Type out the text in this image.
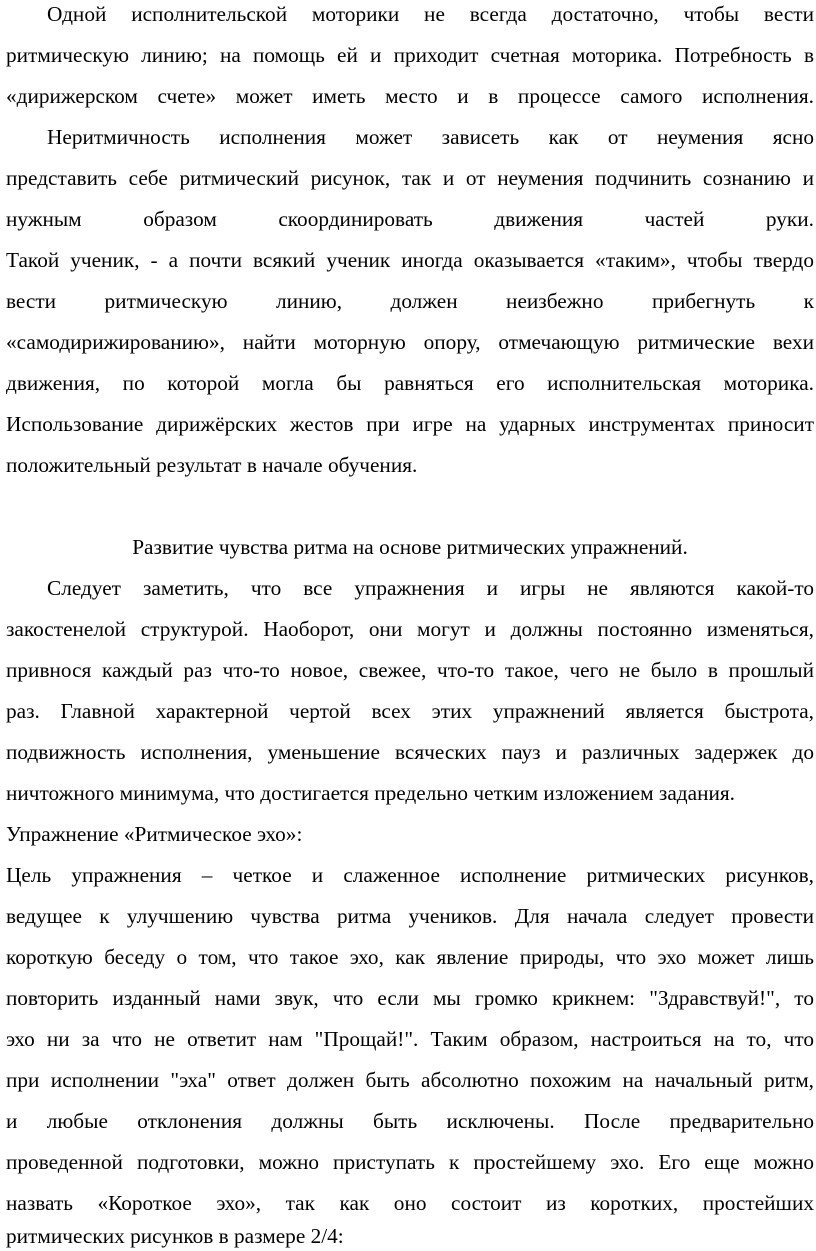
Одной исполнительской моторики не всегда достаточно, чтобы вести
ритмическую линию; на помощь ей и приходит счетная моторика. Потребность в
«дирижерском счете» может иметь место и в процессе самого исполнения.
Неритмичность исполнения может зависеть как от неумения ясно
представить себе ритмический рисунок, так и от неумения подчинить сознанию и
нужным образом скоординировать движения частей руки.
Такой ученик, - а почти всякий ученик иногда оказывается «таким», чтобы твердо
вести ритмическую линию, должен неизбежно прибегнуть к
«самодирижированию», найти моторную опору, отмечающую ритмические вехи
движения, по которой могла бы равняться его исполнительская моторика.
Использование дирижёрских жестов при игре на ударных инструментах приносит
положительный результат в начале обучения.
Развитие чувства ритма на основе ритмических упражнений.
Следует заметить, что все упражнения и игры не являются какой-то
закостенелой структурой. Наоборот, они могут и должны постоянно изменяться,
привнося каждый раз что-то новое, свежее, что-то такое, чего не было в прошлый
раз. Главной характерной чертой всех этих упражнений является быстрота,
подвижность исполнения, уменьшение всяческих пауз и различных задержек до
ничтожного минимума, что достигается предельно четким изложением задания.
Упражнение «Ритмическое эхо»:
Цель упражнения – четкое и слаженное исполнение ритмических рисунков,
ведущее к улучшению чувства ритма учеников. Для начала следует провести
короткую беседу о том, что такое эхо, как явление природы, что эхо может лишь
повторить изданный нами звук, что если мы громко крикнем: "Здравствуй!", то
эхо ни за что не ответит нам "Прощай!". Таким образом, настроиться на то, что
при исполнении "эха" ответ должен быть абсолютно похожим на начальный ритм,
и любые отклонения должны быть исключены. После предварительно
проведенной подготовки, можно приступать к простейшему эхо. Его еще можно
назвать «Короткое эхо», так как оно состоит из коротких, простейших
ритмических рисунков в размере 2/4:
